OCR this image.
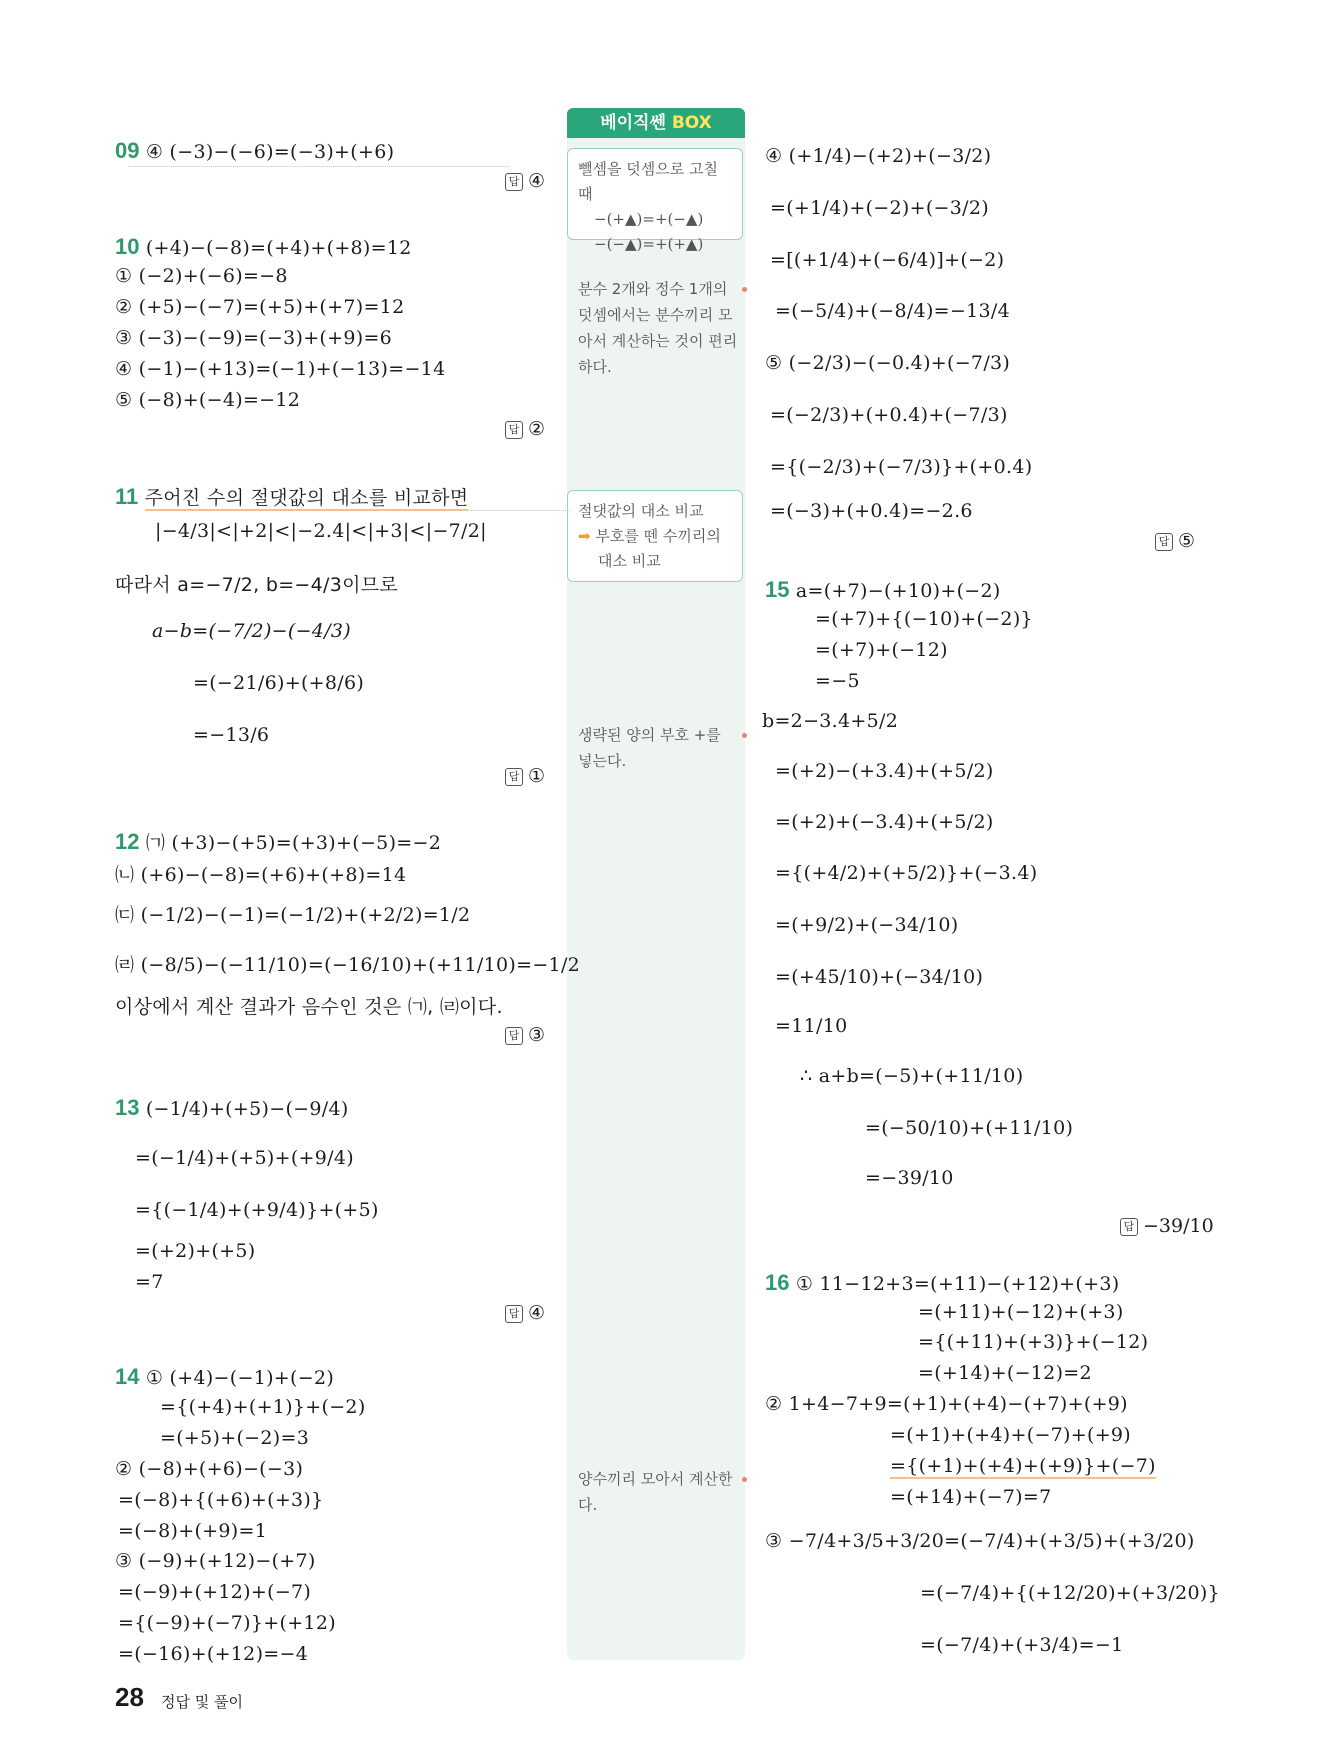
베이직쎈 BOX
뺄셈을 덧셈으로 고칠 때
−(+▲)=+(−▲)
−(−▲)=+(+▲)
분수 2개와 정수 1개의 덧셈에서는 분수끼리 모아서 계산하는 것이 편리하다.
절댓값의 대소 비교
➡ 부호를 뗀 수끼리의
대소 비교
생략된 양의 부호 +를 넣는다.
양수끼리 모아서 계산한다.
09 ④ (−3)−(−6)=(−3)+(+6)
답 ④
10 (+4)−(−8)=(+4)+(+8)=12
① (−2)+(−6)=−8
② (+5)−(−7)=(+5)+(+7)=12
③ (−3)−(−9)=(−3)+(+9)=6
④ (−1)−(+13)=(−1)+(−13)=−14
⑤ (−8)+(−4)=−12
답 ②
11 주어진 수의 절댓값의 대소를 비교하면
|−4/3|<|+2|<|−2.4|<|+3|<|−7/2|
따라서 a=−7/2, b=−4/3이므로
a−b=(−7/2)−(−4/3)
=(−21/6)+(+8/6)
=−13/6
답 ①
12 ㈀ (+3)−(+5)=(+3)+(−5)=−2
㈁ (+6)−(−8)=(+6)+(+8)=14
㈂ (−1/2)−(−1)=(−1/2)+(+2/2)=1/2
㈃ (−8/5)−(−11/10)=(−16/10)+(+11/10)=−1/2
이상에서 계산 결과가 음수인 것은 ㈀, ㈃이다.
답 ③
13 (−1/4)+(+5)−(−9/4)
=(−1/4)+(+5)+(+9/4)
={(−1/4)+(+9/4)}+(+5)
=(+2)+(+5)
=7
답 ④
14 ① (+4)−(−1)+(−2)
={(+4)+(+1)}+(−2)
=(+5)+(−2)=3
② (−8)+(+6)−(−3)
=(−8)+{(+6)+(+3)}
=(−8)+(+9)=1
③ (−9)+(+12)−(+7)
=(−9)+(+12)+(−7)
={(−9)+(−7)}+(+12)
=(−16)+(+12)=−4
④ (+1/4)−(+2)+(−3/2)
=(+1/4)+(−2)+(−3/2)
=[(+1/4)+(−6/4)]+(−2)
=(−5/4)+(−8/4)=−13/4
⑤ (−2/3)−(−0.4)+(−7/3)
=(−2/3)+(+0.4)+(−7/3)
={(−2/3)+(−7/3)}+(+0.4)
=(−3)+(+0.4)=−2.6
답 ⑤
15 a=(+7)−(+10)+(−2)
=(+7)+{(−10)+(−2)}
=(+7)+(−12)
=−5
b=2−3.4+5/2
=(+2)−(+3.4)+(+5/2)
=(+2)+(−3.4)+(+5/2)
={(+4/2)+(+5/2)}+(−3.4)
=(+9/2)+(−34/10)
=(+45/10)+(−34/10)
=11/10
∴ a+b=(−5)+(+11/10)
=(−50/10)+(+11/10)
=−39/10
답 −39/10
16 ① 11−12+3=(+11)−(+12)+(+3)
=(+11)+(−12)+(+3)
={(+11)+(+3)}+(−12)
=(+14)+(−12)=2
② 1+4−7+9=(+1)+(+4)−(+7)+(+9)
=(+1)+(+4)+(−7)+(+9)
={(+1)+(+4)+(+9)}+(−7)
=(+14)+(−7)=7
③ −7/4+3/5+3/20=(−7/4)+(+3/5)+(+3/20)
=(−7/4)+{(+12/20)+(+3/20)}
=(−7/4)+(+3/4)=−1
28 정답 및 풀이
